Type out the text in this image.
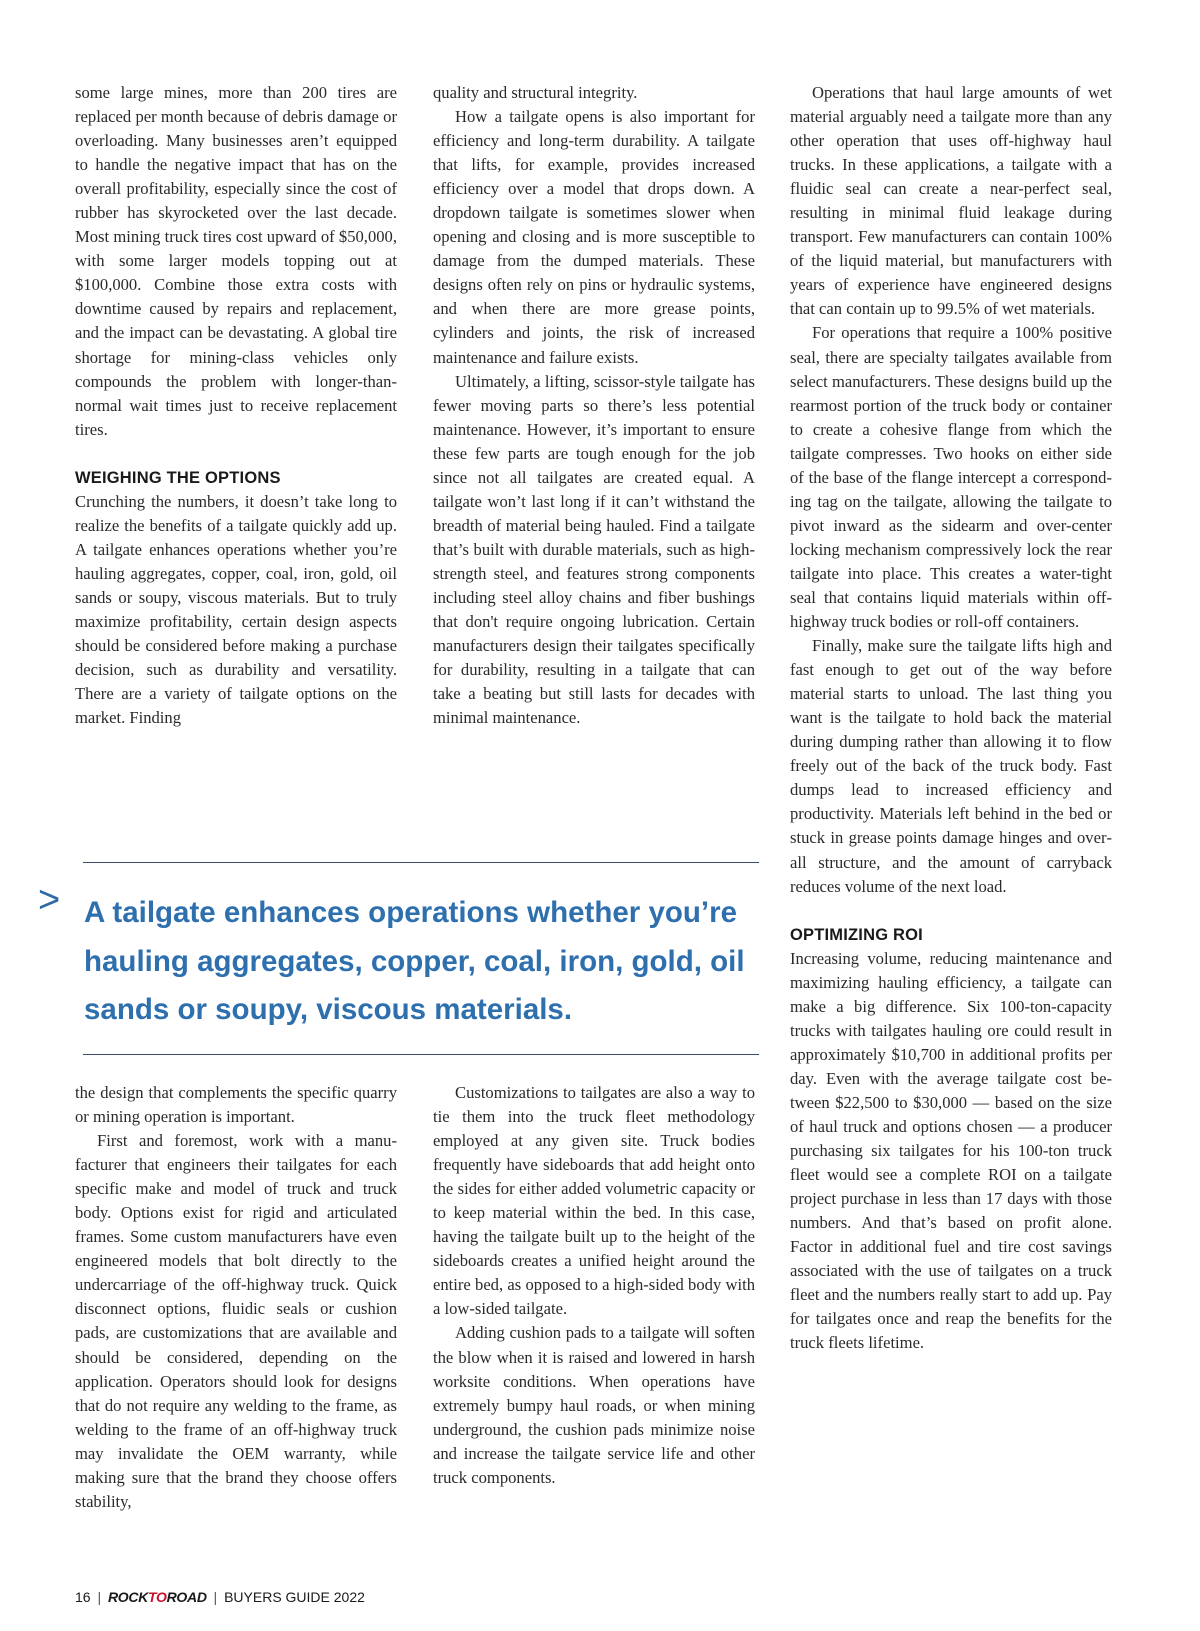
some large mines, more than 200 tires are replaced per month because of debris damage or overloading. Many businesses aren’t equipped to handle the negative impact that has on the overall profitability, especially since the cost of rubber has skyrocketed over the last decade. Most mining truck tires cost upward of $50,000, with some larger models topping out at $100,000. Combine those extra costs with downtime caused by repairs and replacement, and the impact can be devastating. A global tire shortage for mining-class vehicles only compounds the problem with longer-than-normal wait times just to receive replacement tires.

WEIGHING THE OPTIONS

Crunching the numbers, it doesn’t take long to realize the benefits of a tailgate quickly add up. A tailgate enhances operations whether you’re hauling aggregates, copper, coal, iron, gold, oil sands or soupy, viscous materials. But to truly maximize profitability, certain design aspects should be considered before making a purchase decision, such as durability and versatility. There are a variety of tailgate options on the market. Finding

quality and structural integrity.

How a tailgate opens is also important for efficiency and long-term durability. A tailgate that lifts, for example, provides increased efficiency over a model that drops down. A dropdown tailgate is sometimes slower when opening and closing and is more susceptible to damage from the dumped materials. These designs often rely on pins or hydraulic systems, and when there are more grease points, cylinders and joints, the risk of increased maintenance and failure exists.

Ultimately, a lifting, scissor-style tailgate has fewer moving parts so there’s less potential maintenance. However, it’s important to ensure these few parts are tough enough for the job since not all tailgates are created equal. A tailgate won’t last long if it can’t withstand the breadth of material being hauled. Find a tailgate that’s built with durable materials, such as high-strength steel, and features strong components including steel alloy chains and fiber bushings that don't require ongoing lubrication. Certain manufacturers design their tailgates specifically for durability, resulting in a tailgate that can take a beating but still lasts for decades with minimal maintenance.

Operations that haul large amounts of wet material arguably need a tailgate more than any other operation that uses off-highway haul trucks. In these applications, a tailgate with a fluidic seal can create a near-perfect seal, resulting in minimal fluid leakage during transport. Few manufacturers can contain 100% of the liquid material, but manufacturers with years of experience have engineered designs that can contain up to 99.5% of wet materials.

For operations that require a 100% positive seal, there are specialty tailgates available from select manufacturers. These designs build up the rearmost portion of the truck body or container to create a cohesive flange from which the tailgate compresses. Two hooks on either side of the base of the flange intercept a corresponding tag on the tailgate, allowing the tailgate to pivot inward as the sidearm and over-center locking mechanism compressively lock the rear tailgate into place. This creates a water-tight seal that contains liquid materials within off-highway truck bodies or roll-off containers.

Finally, make sure the tailgate lifts high and fast enough to get out of the way before material starts to unload. The last thing you want is the tailgate to hold back the material during dumping rather than allowing it to flow freely out of the back of the truck body. Fast dumps lead to increased efficiency and productivity. Materials left behind in the bed or stuck in grease points damage hinges and overall structure, and the amount of carryback reduces volume of the next load.

OPTIMIZING ROI

Increasing volume, reducing maintenance and maximizing hauling efficiency, a tailgate can make a big difference. Six 100-ton-capacity trucks with tailgates hauling ore could result in approximately $10,700 in additional profits per day. Even with the average tailgate cost between $22,500 to $30,000 — based on the size of haul truck and options chosen — a producer purchasing six tailgates for his 100-ton truck fleet would see a complete ROI on a tailgate project purchase in less than 17 days with those numbers. And that’s based on profit alone. Factor in additional fuel and tire cost savings associated with the use of tailgates on a truck fleet and the numbers really start to add up. Pay for tailgates once and reap the benefits for the truck fleets lifetime.

> A tailgate enhances operations whether you’re hauling aggregates, copper, coal, iron, gold, oil sands or soupy, viscous materials.

the design that complements the specific quarry or mining operation is important.

First and foremost, work with a manufacturer that engineers their tailgates for each specific make and model of truck and truck body. Options exist for rigid and articulated frames. Some custom manufacturers have even engineered models that bolt directly to the undercarriage of the off-highway truck. Quick disconnect options, fluidic seals or cushion pads, are customizations that are available and should be considered, depending on the application. Operators should look for designs that do not require any welding to the frame, as welding to the frame of an off-highway truck may invalidate the OEM warranty, while making sure that the brand they choose offers stability,

Customizations to tailgates are also a way to tie them into the truck fleet methodology employed at any given site. Truck bodies frequently have sideboards that add height onto the sides for either added volumetric capacity or to keep material within the bed. In this case, having the tailgate built up to the height of the sideboards creates a unified height around the entire bed, as opposed to a high-sided body with a low-sided tailgate.

Adding cushion pads to a tailgate will soften the blow when it is raised and lowered in harsh worksite conditions. When operations have extremely bumpy haul roads, or when mining underground, the cushion pads minimize noise and increase the tailgate service life and other truck components.

16 | ROCKTOROAD | BUYERS GUIDE 2022
